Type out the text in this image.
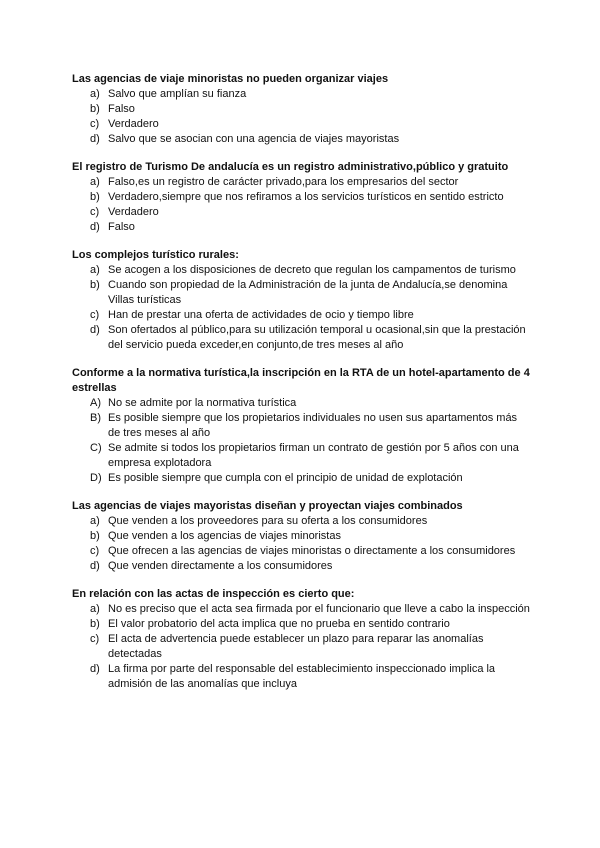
Las agencias de viaje minoristas no pueden organizar viajes

a) Salvo que amplían su fianza
b) Falso
c) Verdadero
d) Salvo que se asocian con una agencia de viajes mayoristas

El registro de Turismo De andalucía es un registro administrativo,público y gratuito

a) Falso,es un registro de carácter privado,para los empresarios del sector
b) Verdadero,siempre que nos refiramos a los servicios turísticos en sentido estricto
c) Verdadero
d) Falso

Los complejos turístico rurales:

a) Se acogen a los disposiciones de decreto que regulan los campamentos de turismo
b) Cuando son propiedad de la Administración de la junta de Andalucía,se denomina Villas turísticas
c) Han de prestar una oferta de actividades de ocio y tiempo libre
d) Son ofertados al público,para su utilización temporal u ocasional,sin que la prestación del servicio pueda exceder,en conjunto,de tres meses al año

Conforme a la normativa turística,la inscripción en la RTA de un hotel-apartamento de 4 estrellas

A) No se admite por la normativa turística
B) Es posible siempre que los propietarios individuales no usen sus apartamentos más de tres meses al año
C) Se admite si todos los propietarios firman un contrato de gestión por 5 años con una empresa explotadora
D) Es posible siempre que cumpla con el principio de unidad de explotación

Las agencias de viajes mayoristas diseñan y proyectan viajes combinados

a) Que venden a los proveedores para su oferta a los consumidores
b) Que venden a los agencias de viajes minoristas
c) Que ofrecen a las agencias de viajes minoristas o directamente a los consumidores
d) Que venden directamente a los consumidores

En relación con las actas de inspección es cierto que:

a) No es preciso que el acta sea firmada por el funcionario que lleve a cabo la inspección
b) El valor probatorio del acta implica que no prueba en sentido contrario
c) El acta de advertencia puede establecer un plazo para reparar las anomalías detectadas
d) La firma por parte del responsable del establecimiento inspeccionado implica la admisión de las anomalías que incluya
